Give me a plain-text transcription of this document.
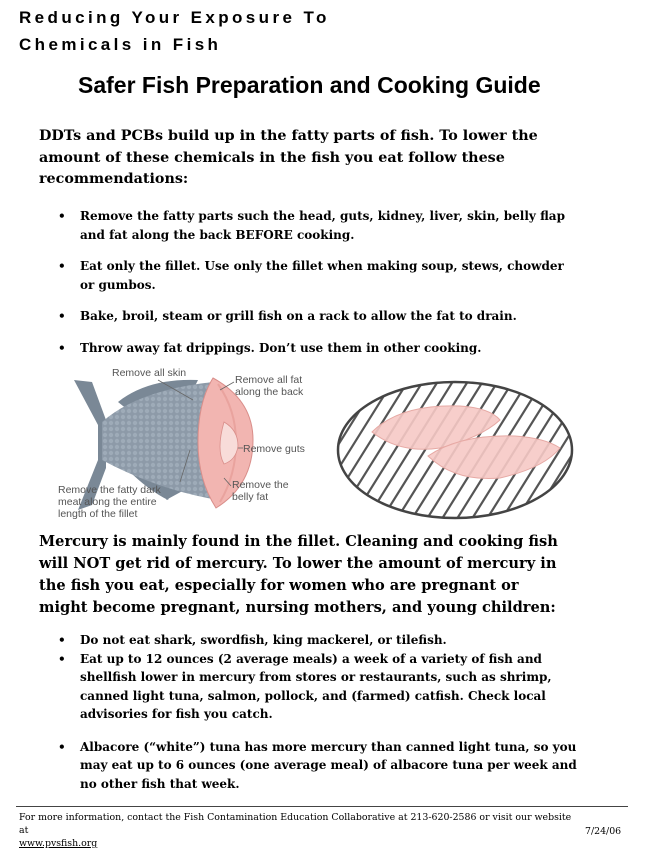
Reducing Your Exposure To
Chemicals in Fish
Safer Fish Preparation and Cooking Guide
DDTs and PCBs build up in the fatty parts of fish. To lower the amount of these chemicals in the fish you eat follow these recommendations:
• Remove the fatty parts such the head, guts, kidney, liver, skin, belly flap and fat along the back BEFORE cooking.
• Eat only the fillet. Use only the fillet when making soup, stews, chowder or gumbos.
• Bake, broil, steam or grill fish on a rack to allow the fat to drain.
• Throw away fat drippings. Don’t use them in other cooking.
Remove all skin
Remove all fat
along the back
Remove guts
Remove the
belly fat
Remove the fatty dark
meat along the entire
length of the fillet
Mercury is mainly found in the fillet. Cleaning and cooking fish will NOT get rid of mercury. To lower the amount of mercury in the fish you eat, especially for women who are pregnant or might become pregnant, nursing mothers, and young children:
• Do not eat shark, swordfish, king mackerel, or tilefish.
• Eat up to 12 ounces (2 average meals) a week of a variety of fish and shellfish lower in mercury from stores or restaurants, such as shrimp, canned light tuna, salmon, pollock, and (farmed) catfish. Check local advisories for fish you catch.
• Albacore (“white”) tuna has more mercury than canned light tuna, so you may eat up to 6 ounces (one average meal) of albacore tuna per week and no other fish that week.
For more information, contact the Fish Contamination Education Collaborative at 213-620-2586 or visit our website at
www.pvsfish.org
7/24/06
